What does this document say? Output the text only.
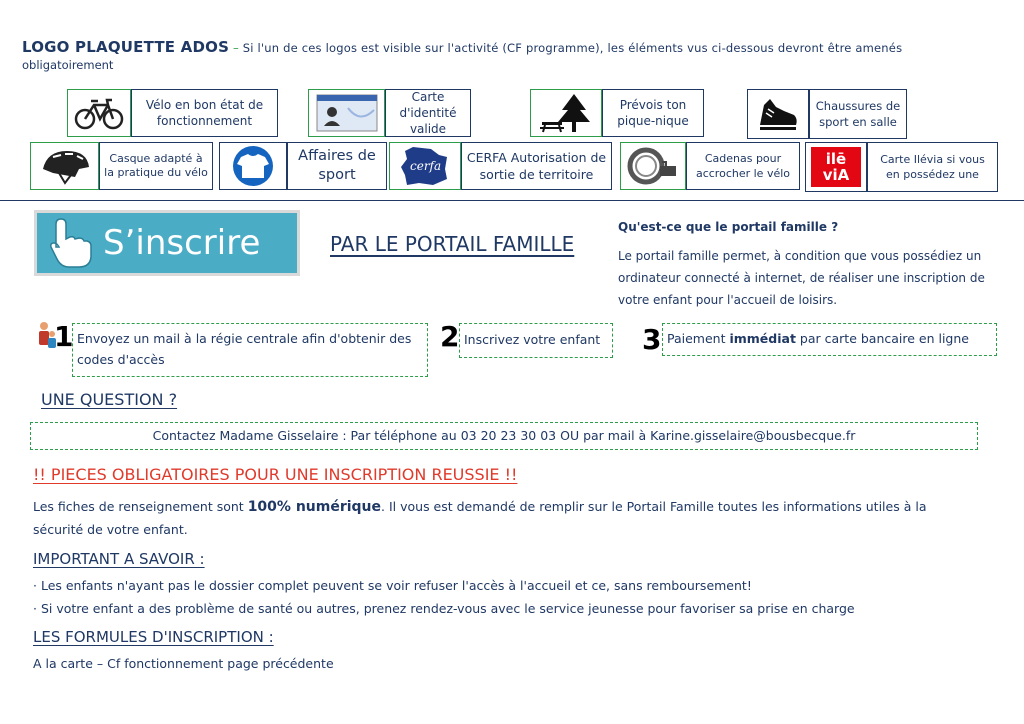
LOGO PLAQUETTE ADOS – Si l'un de ces logos est visible sur l'activité (CF programme), les éléments vus ci-dessous devront être amenés
obligatoirement
Vélo en bon état de fonctionnement
Carte d'identité valide
Prévois ton pique-nique
Chaussures de sport en salle
Casque adapté à la pratique du vélo
Affaires de sport
cerfa
CERFA Autorisation de sortie de territoire
Cadenas pour accrocher le vélo
ilē
viA
Carte Ilévia si vous en possédez une
S’inscrire	PAR LE PORTAIL FAMILLE
Qu'est-ce que le portail famille ?
Le portail famille permet, à condition que vous possédiez un ordinateur connecté à internet, de réaliser une inscription de votre enfant pour l'accueil de loisirs.
1 Envoyez un mail à la régie centrale afin d'obtenir des codes d'accès
2 Inscrivez votre enfant	3 Paiement immédiat par carte bancaire en ligne
UNE QUESTION ?
Contactez Madame Gisselaire : Par téléphone au 03 20 23 30 03 OU par mail à Karine.gisselaire@bousbecque.fr
!! PIECES OBLIGATOIRES POUR UNE INSCRIPTION REUSSIE !!
Les fiches de renseignement sont 100% numérique. Il vous est demandé de remplir sur le Portail Famille toutes les informations utiles à la
sécurité de votre enfant.
IMPORTANT A SAVOIR :
· Les enfants n'ayant pas le dossier complet peuvent se voir refuser l'accès à l'accueil et ce, sans remboursement!
· Si votre enfant a des problème de santé ou autres, prenez rendez-vous avec le service jeunesse pour favoriser sa prise en charge
LES FORMULES D'INSCRIPTION :
A la carte – Cf fonctionnement page précédente
